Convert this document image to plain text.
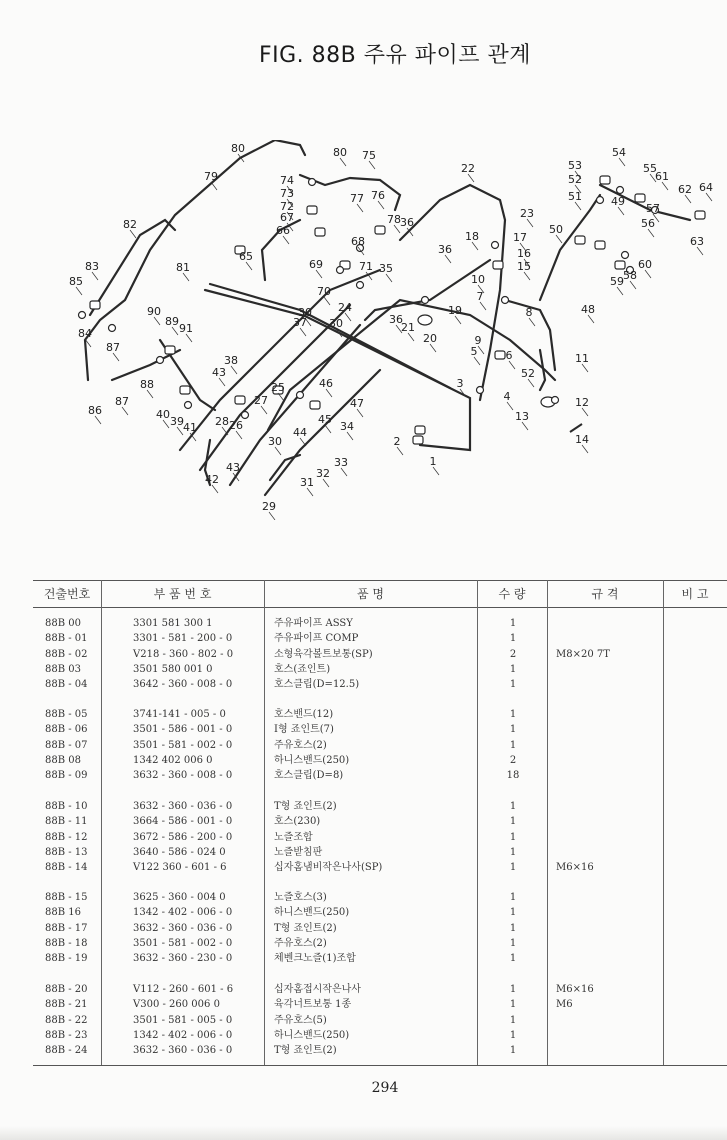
FIG. 88B 주유 파이프 관계
1
2
3
4
5	6
7
8
9
10
11
12
13
14
15
16
17
18
19
20
21
22
23
24
25
26
27
28
29
30
30
30
31
32
33
34
35
36
36
36
37
38
39
40
41
42
43
43
44
45
46
47
48
49
50
51
52
52
53
54
55
56
57
58
59
60
61
62
63
64
65
66
67
68
69
70
71
72
73
74
75
76
77
78
79
80	80
81
82
83
84
85
86
87
87
88
89
90
91
건출번호	부 품 번 호	품 명	수 량	규 격	비 고
88B 00	3301 581 300 1	주유파이프 ASSY	1
88B - 01	3301 - 581 - 200 - 0	주유파이프 COMP	1
88B - 02	V218 - 360 - 802 - 0	소형육각볼트보통(SP)	2	M8×20 7T
88B 03	3501 580 001 0	호스(죠인트)	1
88B - 04	3642 - 360 - 008 - 0	호스클립(D=12.5)	1
88B - 05	3741-141 - 005 - 0	호스밴드(12)	1
88B - 06	3501 - 586 - 001 - 0	I형 죠인트(7)	1
88B - 07	3501 - 581 - 002 - 0	주유호스(2)	1
88B 08	1342 402 006 0	하니스밴드(250)	2
88B - 09	3632 - 360 - 008 - 0	호스클립(D=8)	18
88B - 10	3632 - 360 - 036 - 0	T형 죠인트(2)	1
88B - 11	3664 - 586 - 001 - 0	호스(230)	1
88B - 12	3672 - 586 - 200 - 0	노즐조합	1
88B - 13	3640 - 586 - 024 0	노즐받침판	1
88B - 14	V122 360 - 601 - 6	십자홈냄비작은나사(SP)	1	M6×16
88B - 15	3625 - 360 - 004 0	노즐호스(3)	1
88B 16	1342 - 402 - 006 - 0	하니스밴드(250)	1
88B - 17	3632 - 360 - 036 - 0	T형 죠인트(2)	1
88B - 18	3501 - 581 - 002 - 0	주유호스(2)	1
88B - 19	3632 - 360 - 230 - 0	체벤크노즐(1)조합	1
88B - 20	V112 - 260 - 601 - 6	십자홈접시작은나사	1	M6×16
88B - 21	V300 - 260 006 0	육각너트보통 1종	1	M6
88B - 22	3501 - 581 - 005 - 0	주유호스(5)	1
88B - 23	1342 - 402 - 006 - 0	하니스밴드(250)	1
88B - 24	3632 - 360 - 036 - 0	T형 죠인트(2)	1
294
